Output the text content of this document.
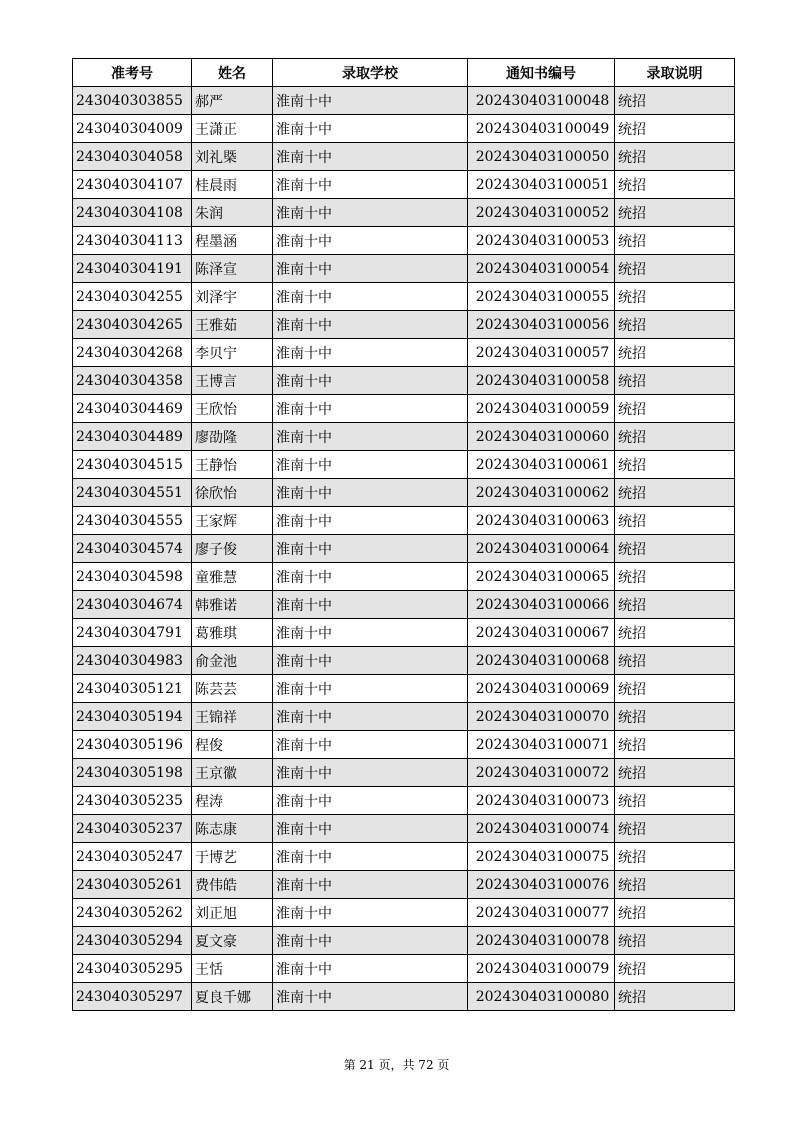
准考号	姓名	录取学校	通知书编号	录取说明
243040303855	郝严	淮南十中	202430403100048	统招
243040304009	王潇正	淮南十中	202430403100049	统招
243040304058	刘礼槩	淮南十中	202430403100050	统招
243040304107	桂晨雨	淮南十中	202430403100051	统招
243040304108	朱润	淮南十中	202430403100052	统招
243040304113	程墨涵	淮南十中	202430403100053	统招
243040304191	陈泽宣	淮南十中	202430403100054	统招
243040304255	刘泽宇	淮南十中	202430403100055	统招
243040304265	王雅茹	淮南十中	202430403100056	统招
243040304268	李贝宁	淮南十中	202430403100057	统招
243040304358	王博言	淮南十中	202430403100058	统招
243040304469	王欣怡	淮南十中	202430403100059	统招
243040304489	廖劭隆	淮南十中	202430403100060	统招
243040304515	王静怡	淮南十中	202430403100061	统招
243040304551	徐欣怡	淮南十中	202430403100062	统招
243040304555	王家辉	淮南十中	202430403100063	统招
243040304574	廖子俊	淮南十中	202430403100064	统招
243040304598	童雅慧	淮南十中	202430403100065	统招
243040304674	韩雅诺	淮南十中	202430403100066	统招
243040304791	葛雅琪	淮南十中	202430403100067	统招
243040304983	俞金池	淮南十中	202430403100068	统招
243040305121	陈芸芸	淮南十中	202430403100069	统招
243040305194	王锦祥	淮南十中	202430403100070	统招
243040305196	程俊	淮南十中	202430403100071	统招
243040305198	王京徽	淮南十中	202430403100072	统招
243040305235	程涛	淮南十中	202430403100073	统招
243040305237	陈志康	淮南十中	202430403100074	统招
243040305247	于博艺	淮南十中	202430403100075	统招
243040305261	费伟皓	淮南十中	202430403100076	统招
243040305262	刘正旭	淮南十中	202430403100077	统招
243040305294	夏文豪	淮南十中	202430403100078	统招
243040305295	王恬	淮南十中	202430403100079	统招
243040305297	夏良千娜	淮南十中	202430403100080	统招
第 21 页，共 72 页
